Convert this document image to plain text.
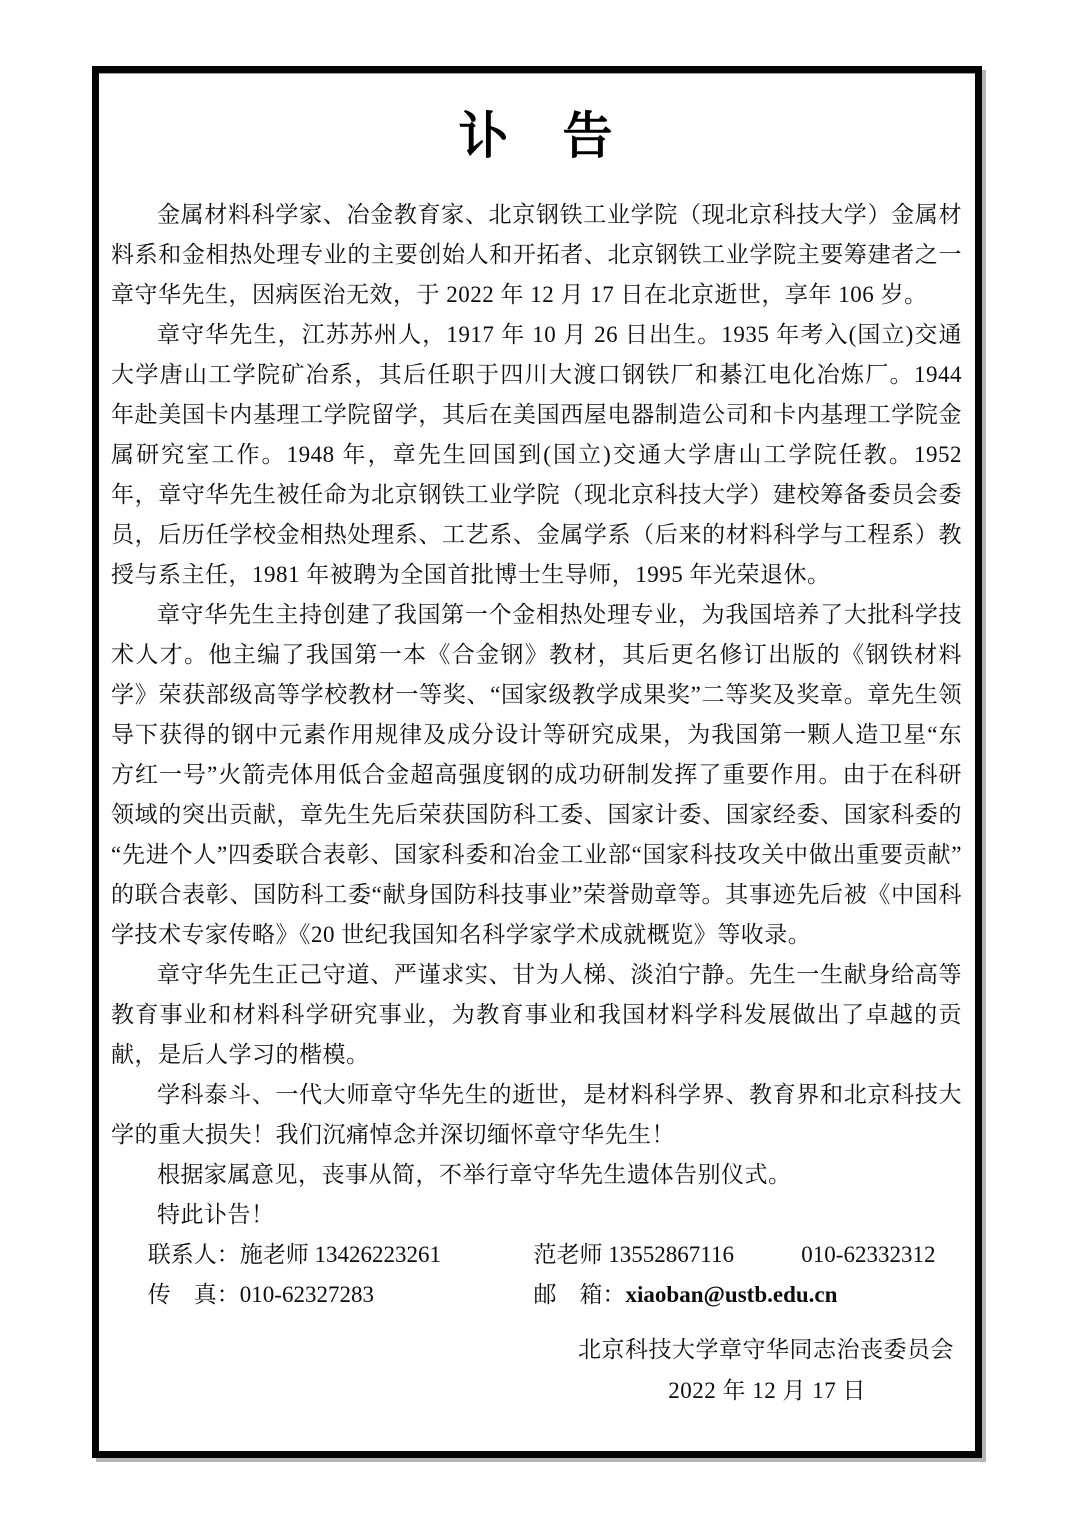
讣　告

金属材料科学家、冶金教育家、北京钢铁工业学院（现北京科技大学）金属材料系和金相热处理专业的主要创始人和开拓者、北京钢铁工业学院主要筹建者之一章守华先生，因病医治无效，于 2022 年 12 月 17 日在北京逝世，享年 106 岁。

章守华先生，江苏苏州人，1917 年 10 月 26 日出生。1935 年考入(国立)交通大学唐山工学院矿冶系，其后任职于四川大渡口钢铁厂和綦江电化冶炼厂。1944 年赴美国卡内基理工学院留学，其后在美国西屋电器制造公司和卡内基理工学院金属研究室工作。1948 年，章先生回国到(国立)交通大学唐山工学院任教。1952 年，章守华先生被任命为北京钢铁工业学院（现北京科技大学）建校筹备委员会委员，后历任学校金相热处理系、工艺系、金属学系（后来的材料科学与工程系）教授与系主任，1981 年被聘为全国首批博士生导师，1995 年光荣退休。

章守华先生主持创建了我国第一个金相热处理专业，为我国培养了大批科学技术人才。他主编了我国第一本《合金钢》教材，其后更名修订出版的《钢铁材料学》荣获部级高等学校教材一等奖、“国家级教学成果奖”二等奖及奖章。章先生领导下获得的钢中元素作用规律及成分设计等研究成果，为我国第一颗人造卫星“东方红一号”火箭壳体用低合金超高强度钢的成功研制发挥了重要作用。由于在科研领域的突出贡献，章先生先后荣获国防科工委、国家计委、国家经委、国家科委的“先进个人”四委联合表彰、国家科委和冶金工业部“国家科技攻关中做出重要贡献”的联合表彰、国防科工委“献身国防科技事业”荣誉勋章等。其事迹先后被《中国科学技术专家传略》《20 世纪我国知名科学家学术成就概览》等收录。

章守华先生正己守道、严谨求实、甘为人梯、淡泊宁静。先生一生献身给高等教育事业和材料科学研究事业，为教育事业和我国材料学科发展做出了卓越的贡献，是后人学习的楷模。

学科泰斗、一代大师章守华先生的逝世，是材料科学界、教育界和北京科技大学的重大损失！我们沉痛悼念并深切缅怀章守华先生！

根据家属意见，丧事从简，不举行章守华先生遗体告别仪式。

特此讣告！

联系人：施老师 13426223261	范老师 13552867116	010-62332312

传　真：010-62327283	邮　箱：xiaoban@ustb.edu.cn

北京科技大学章守华同志治丧委员会

2022 年 12 月 17 日
